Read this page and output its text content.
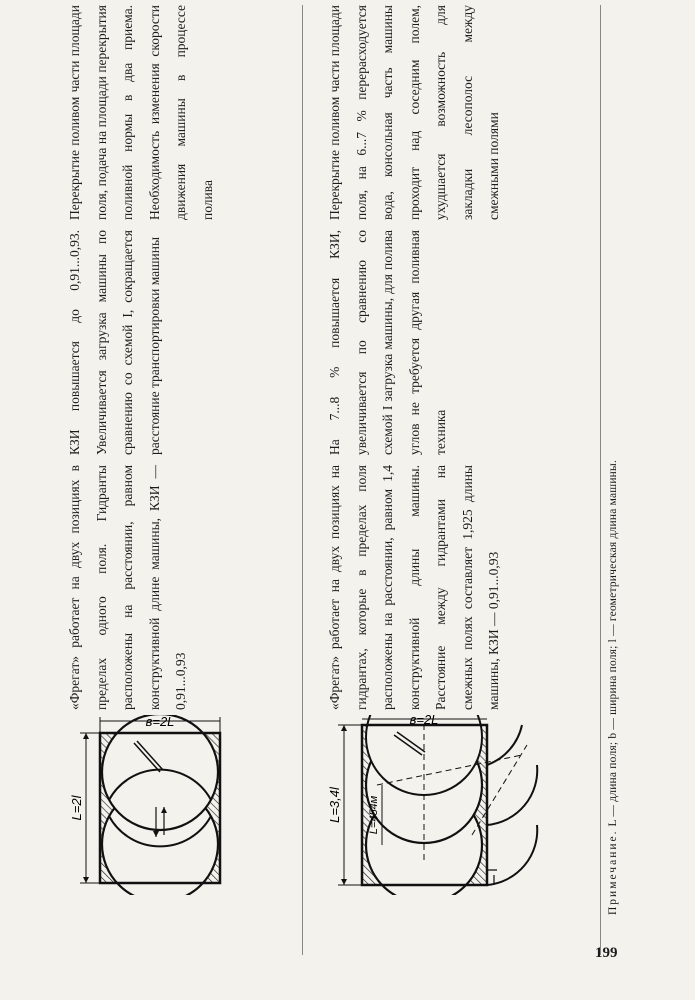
L=2l
в=2L

«Фрегат» работает на двух позициях в пределах одного поля. Гидранты расположены на расстоянии, равном конструктивной длине машины, КЗИ — 0,91...0,93

КЗИ повышается до 0,91...0,93. Увеличивается загрузка машины по сравнению со схемой I, сокращается расстояние транспортировки машины

Перекрытие поливом части площади поля, подача на площади перекрытия поливной нормы в два приема. Необходимость изменения скорости движения машины в процессе полива

L=454м
L=3,4l
в=2L

«Фрегат» работает на двух позициях на гидрантах, которые в пределах поля расположены на расстоянии, равном 1,4 конструктивной длины машины. Расстояние между гидрантами на смежных полях составляет 1,925 длины машины, КЗИ — 0,91...0,93

На 7...8 % повышается КЗИ, увеличивается по сравнению со схемой I загрузка машины, для полива углов не требуется другая поливная техника

Перекрытие поливом части площади поля, на 6...7 % перерасходуется вода, консольная часть машины проходит над соседним полем, ухудшается возможность для закладки лесополос между смежными полями

Примечание. L — длина поля; b — ширина поля; l — геометрическая длина машины.
199
